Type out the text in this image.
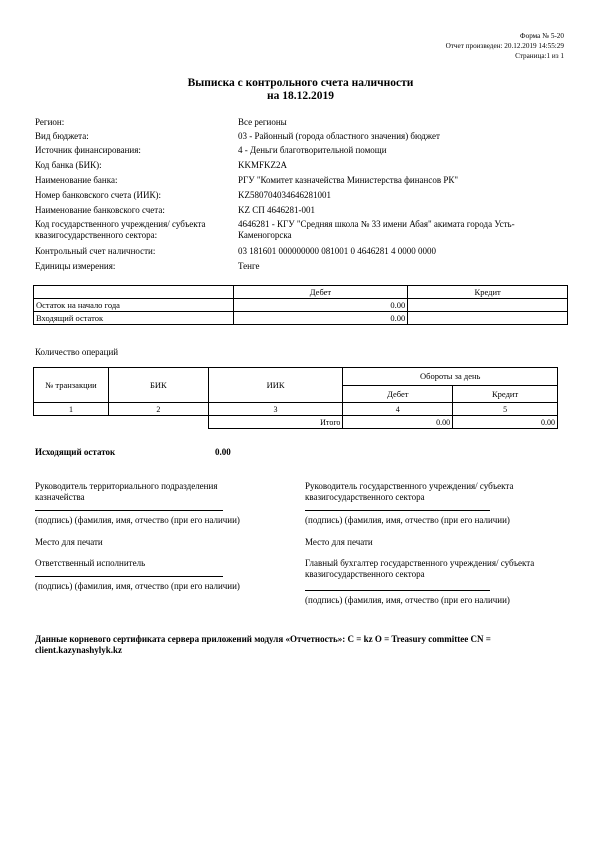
Форма № 5-20
Отчет произведен: 20.12.2019 14:55:29
Страница:1 из 1
Выписка с контрольного счета наличности
на 18.12.2019
Регион:	Все регионы
Вид бюджета:	03 - Районный (города областного значения) бюджет
Источник финансирования:	4 - Деньги благотворительной помощи
Код банка (БИК):	KKMFKZ2A
Наименование банка:	РГУ "Комитет казначейства Министерства финансов РК"
Номер банковского счета (ИИК):	KZ580704034646281001
Наименование банковского счета:	KZ СП 4646281-001
Код государственного учреждения/ субъекта квазигосударственного сектора:
4646281 - КГУ "Средняя школа № 33 имени Абая" акимата города Усть-Каменогорска
Контрольный счет наличности:	03 181601 000000000 081001 0 4646281 4 0000 0000
Единицы измерения:	Тенге
	Дебет	Кредит
Остаток на начало года	0.00	
Входящий остаток	0.00	
Количество операций
№ транзакции	БИК	ИИК	Обороты за день	
			Дебет	Кредит
1	2	3	4	5
		Итого	0.00	0.00
Исходящий остаток	0.00
Руководитель территориального подразделения казначейства
(подпись) (фамилия, имя, отчество (при его наличии)
Руководитель государственного учреждения/ субъекта квазигосударственного сектора
(подпись) (фамилия, имя, отчество (при его наличии)
Место для печати	Место для печати
Ответственный исполнитель
(подпись) (фамилия, имя, отчество (при его наличии)
Главный бухгалтер государственного учреждения/ субъекта квазигосударственного сектора
(подпись) (фамилия, имя, отчество (при его наличии)
Данные корневого сертификата сервера приложений модуля «Отчетность»: C = kz O = Treasury committee CN = client.kazynashylyk.kz
